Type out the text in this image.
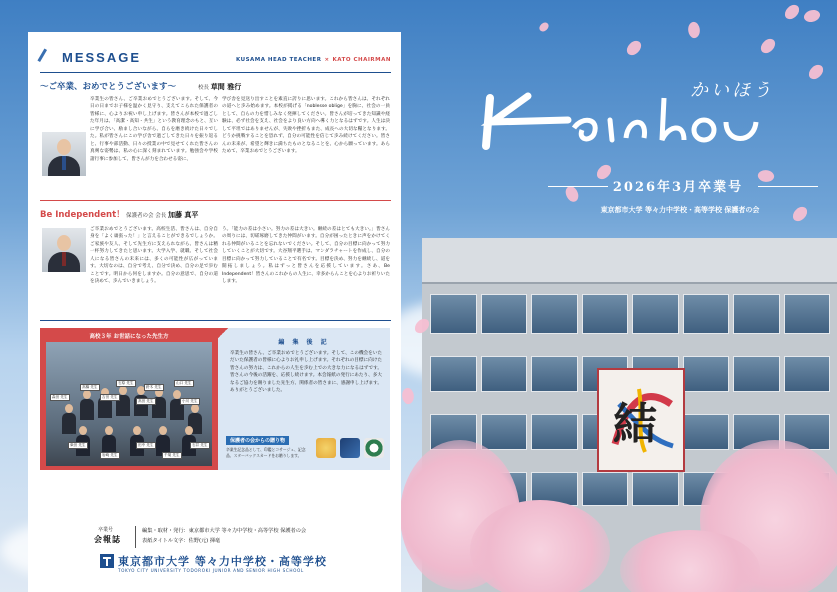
結
かいほう
2026年3月卒業号
東京都市大学 等々力中学校・高等学校 保護者の会
MESSAGE	KUSAMA HEAD TEACHER × KATO CHAIRMAN
～ご卒業、おめでとうございます～	校長 草間 雅行
卒業生の皆さん、ご卒業おめでとうございます。そして、今日の日までお子様を温かく見守り、支えてこられた保護者の皆様に、心よりお祝い申し上げます。皆さんが本校で過ごした年月は、「高潔・高知・共生」という教育理念のもと、互いに学び合い、励まし合いながら、自らを磨き続けた日々でした。私が皆さんにこの学び舎で過ごしてきた日々を振り返ると、行事や部活動、日々の授業の中で見せてくれた皆さんの真剣な姿勢は、私の心に深く刻まれています。勉強会や学校諸行事に参加して、皆さんが力を合わせる姿に、
学び舎を見送り出すことを素直に誇りに思います。これから皆さんは、それぞれの道へと歩み始めます。本校が掲げる「noblesse oblige」を胸に、社会の一員として、自らの力を惜しみなく発揮してください。皆さんが培ってきた知識や経験は、必ず社会を支え、社会をより良い方向へ導く力となるはずです。人生は決して平坦ではありませんが、失敗や挫折もまた、成長への大切な糧となります。どうか挑戦することを恐れず、自分の可能性を信じて歩み続けてください。皆さんの未来が、希望と輝きに満ちたものとなることを、心から願っています。あらためて、卒業おめでとうございます。
Be Independent！ 保護者の会 会長 加藤 真平
ご卒業おめでとうございます。高校生活、皆さんは、自分自身を「よく頑張った！」と言えることができるでしょうか。ご家族や友人、そして先生方に支えられながら、皆さんは精一杯努力してきたと思います。大学入学、就職、そして社会人になる皆さんの未来には、多くの可能性が広がっています。大切なのは、自分で考え、自分で決め、自分の足で歩むことです。明日から何をしますか。自分の意思で、自分の道を決めて、歩んでいきましょう。
う。「能力の差は小さい。努力の差は大きい。継続の差はとても大きい。」皆さんの周りには、切磋琢磨してきた仲間がいます。自分が困ったときに声をかけてくれる仲間がいることを忘れないでください。そして、自分の目標に向かって努力していくことが大切です。大谷翔平選手は、マンダラチャートを作成し、自分の目標に向かって努力していることで有名です。目標を決め、努力を継続し、道を開拓しましょう。私はずっと皆さんを応援しています。さあ、Be Independent！皆さんのこれからの人生に、幸多からんことを心よりお祈りいたします。
高校３年 お世話になった先生方
高橋 先生
石原 先生
鈴木 先生
山口 先生
森田 先生	吉田 先生
高田 先生	小川 先生
柴田 先生	田中 先生
岩崎 先生	千葉 先生
石井 先生
編 集 後 記
卒業生の皆さん、ご卒業おめでとうございます。そして、この機会をいただいた保護者の皆様に心よりお礼申し上げます。それぞれの目標に向けた皆さんの努力は、これからの人生を歩む上での大きな力になるはずです。皆さんの今後の活躍を、応援し続けます。本会報紙の発行にあたり、多大なるご協力を賜りました先生方、関係者の皆さまに、感謝申し上げます。ありがとうございました。
保護者の会からの贈り物
卒業生記念品として、印鑑とコサージュ、記念品、スターバックスカードをお贈りします。
卒業号
会報誌
編集・取材・発行：東京都市大学 等々力中学校・高等学校 保護者の会
表紙タイトル文字：佐野(元) 揮毫
東京都市大学 等々力中学校・高等学校
TOKYO CITY UNIVERSITY TODOROKI JUNIOR AND SENIOR HIGH SCHOOL
